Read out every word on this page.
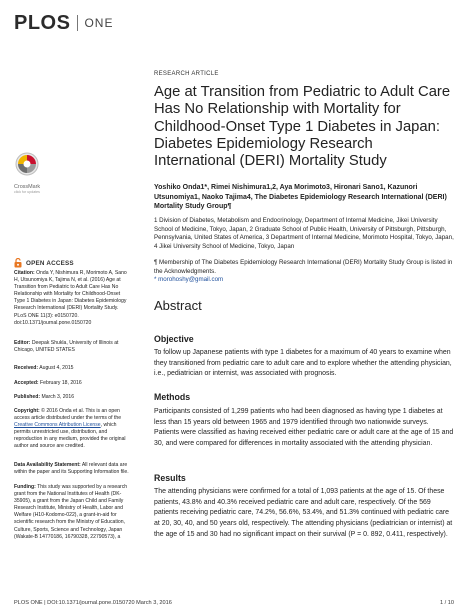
PLOS ONE
RESEARCH ARTICLE
Age at Transition from Pediatric to Adult Care Has No Relationship with Mortality for Childhood-Onset Type 1 Diabetes in Japan: Diabetes Epidemiology Research International (DERI) Mortality Study
Yoshiko Onda1*, Rimei Nishimura1,2, Aya Morimoto3, Hironari Sano1, Kazunori Utsunomiya1, Naoko Tajima4, The Diabetes Epidemiology Research International (DERI) Mortality Study Group¶
1 Division of Diabetes, Metabolism and Endocrinology, Department of Internal Medicine, Jikei University School of Medicine, Tokyo, Japan, 2 Graduate School of Public Health, University of Pittsburgh, Pittsburgh, Pennsylvania, United States of America, 3 Department of Internal Medicine, Morimoto Hospital, Tokyo, Japan, 4 Jikei University School of Medicine, Tokyo, Japan
¶ Membership of The Diabetes Epidemiology Research International (DERI) Mortality Study Group is listed in the Acknowledgments.
* morohoshy@gmail.com
CrossMark
click for updates
OPEN ACCESS
Citation: Onda Y, Nishimura R, Morimoto A, Sano H, Utsunomiya K, Tajima N, et al. (2016) Age at Transition from Pediatric to Adult Care Has No Relationship with Mortality for Childhood-Onset Type 1 Diabetes in Japan: Diabetes Epidemiology Research International (DERI) Mortality Study. PLoS ONE 11(3): e0150720. doi:10.1371/journal.pone.0150720
Editor: Deepak Shukla, University of Illinois at Chicago, UNITED STATES
Received: August 4, 2015
Accepted: February 18, 2016
Published: March 3, 2016
Copyright: © 2016 Onda et al. This is an open access article distributed under the terms of the Creative Commons Attribution License, which permits unrestricted use, distribution, and reproduction in any medium, provided the original author and source are credited.
Data Availability Statement: All relevant data are within the paper and its Supporting Information file.
Funding: This study was supported by a research grant from the National Institutes of Health (DK-35905), a grant from the Japan Child and Family Research Institute, Ministry of Health, Labor and Welfare (H10-Kodomo-022), a grant-in-aid for scientific research from the Ministry of Education, Culture, Sports, Science and Technology, Japan (Wakate-B 14770186, 16790328, 22790573), a
Abstract
Objective

To follow up Japanese patients with type 1 diabetes for a maximum of 40 years to examine when they transitioned from pediatric care to adult care and to explore whether the attending physician, i.e., pediatrician or internist, was associated with prognosis.

Methods

Participants consisted of 1,299 patients who had been diagnosed as having type 1 diabetes at less than 15 years old between 1965 and 1979 identified through two nationwide surveys. Patients were classified as having received either pediatric care or adult care at the age of 15 and 30, and were compared for differences in mortality associated with the attending physician.

Results

The attending physicians were confirmed for a total of 1,093 patients at the age of 15. Of these patients, 43.8% and 40.3% received pediatric care and adult care, respectively. Of the 569 patients receiving pediatric care, 74.2%, 56.6%, 53.4%, and 51.3% continued with pediatric care at 20, 30, 40, and 50 years old, respectively. The attending physicians (pediatrician or internist) at the age of 15 and 30 had no significant impact on their survival (P = 0. 892, 0.411, respectively).

PLOS ONE | DOI:10.1371/journal.pone.0150720 March 3, 2016	1 / 10
